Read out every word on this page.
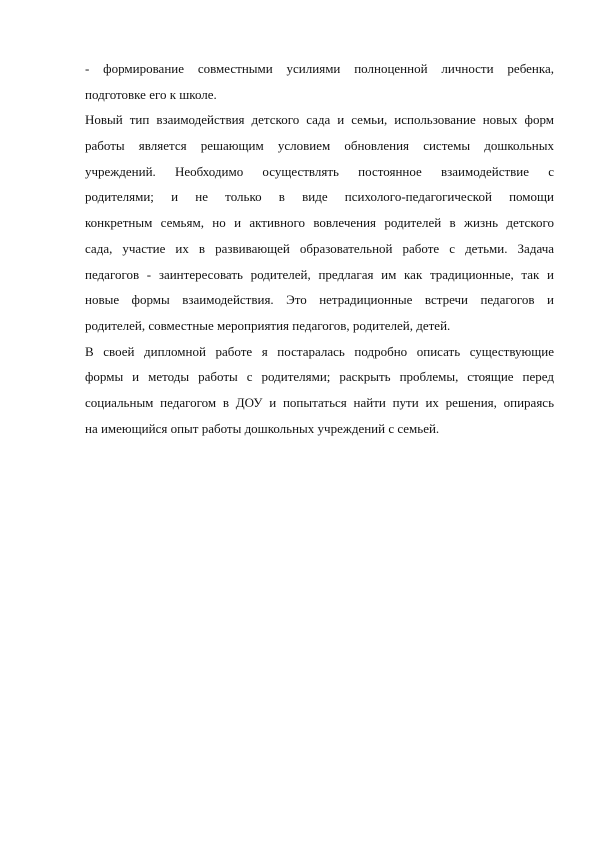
- формирование совместными усилиями полноценной личности ребенка,
подготовке его к школе.
Новый тип взаимодействия детского сада и семьи, использование новых форм
работы является решающим условием обновления системы дошкольных
учреждений. Необходимо осуществлять постоянное взаимодействие с
родителями; и не только в виде психолого-педагогической помощи
конкретным семьям, но и активного вовлечения родителей в жизнь детского
сада, участие их в развивающей образовательной работе с детьми. Задача
педагогов - заинтересовать родителей, предлагая им как традиционные, так и
новые формы взаимодействия. Это нетрадиционные встречи педагогов и
родителей, совместные мероприятия педагогов, родителей, детей.
В своей дипломной работе я постаралась подробно описать существующие
формы и методы работы с родителями; раскрыть проблемы, стоящие перед
социальным педагогом в ДОУ и попытаться найти пути их решения, опираясь
на имеющийся опыт работы дошкольных учреждений с семьей.
